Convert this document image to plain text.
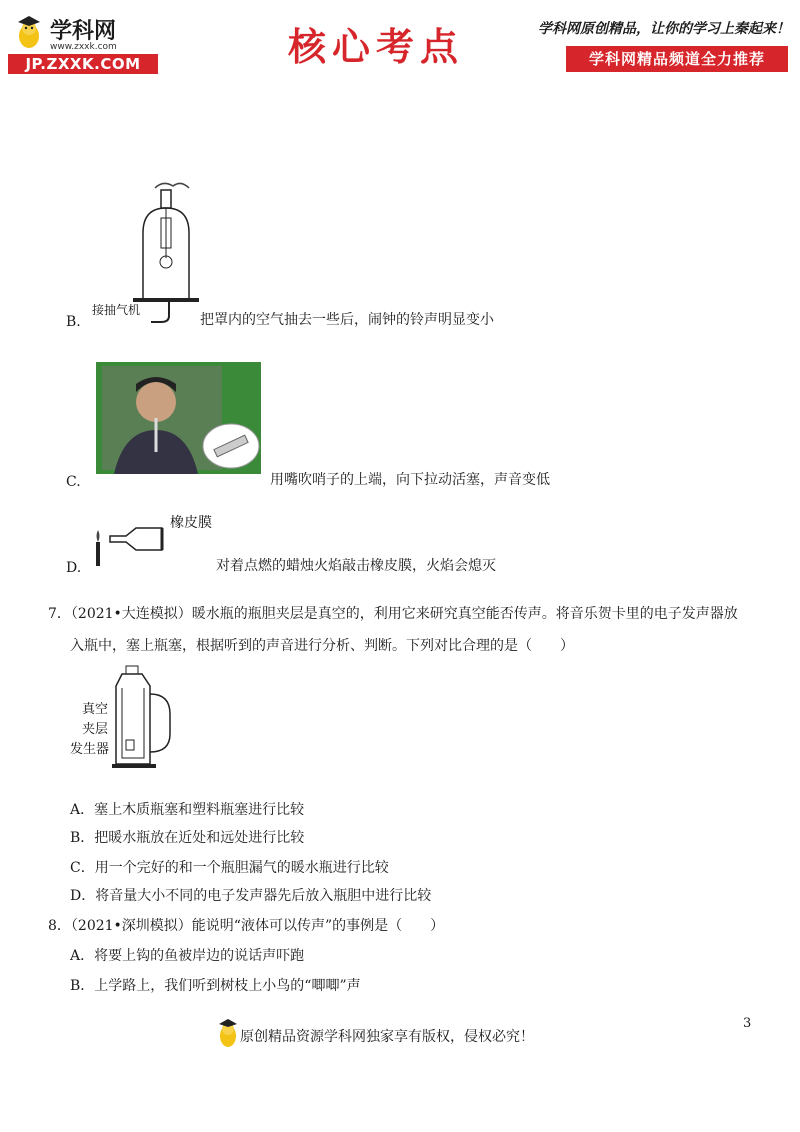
学科网
www.zxxk.com
JP.ZXXK.COM	核心考点	学科网原创精品，让你的学习上秦起来！
学科网精品频道全力推荐
接抽气机
B.	把罩内的空气抽去一些后，闹钟的铃声明显变小
C.	用嘴吹哨子的上端，向下拉动活塞，声音变低
橡皮膜
D.	对着点燃的蜡烛火焰敲击橡皮膜，火焰会熄灭
7．（2021•大连模拟）暖水瓶的瓶胆夹层是真空的，利用它来研究真空能否传声。将音乐贺卡里的电子发声器放
入瓶中，塞上瓶塞，根据听到的声音进行分析、判断。下列对比合理的是（　　）
真空
夹层
发生器
A．塞上木质瓶塞和塑料瓶塞进行比较
B．把暖水瓶放在近处和远处进行比较
C．用一个完好的和一个瓶胆漏气的暖水瓶进行比较
D．将音量大小不同的电子发声器先后放入瓶胆中进行比较
8．（2021•深圳模拟）能说明“液体可以传声”的事例是（　　）
A．将要上钩的鱼被岸边的说话声吓跑
B．上学路上，我们听到树枝上小鸟的“唧唧”声
原创精品资源学科网独家享有版权，侵权必究！
3
